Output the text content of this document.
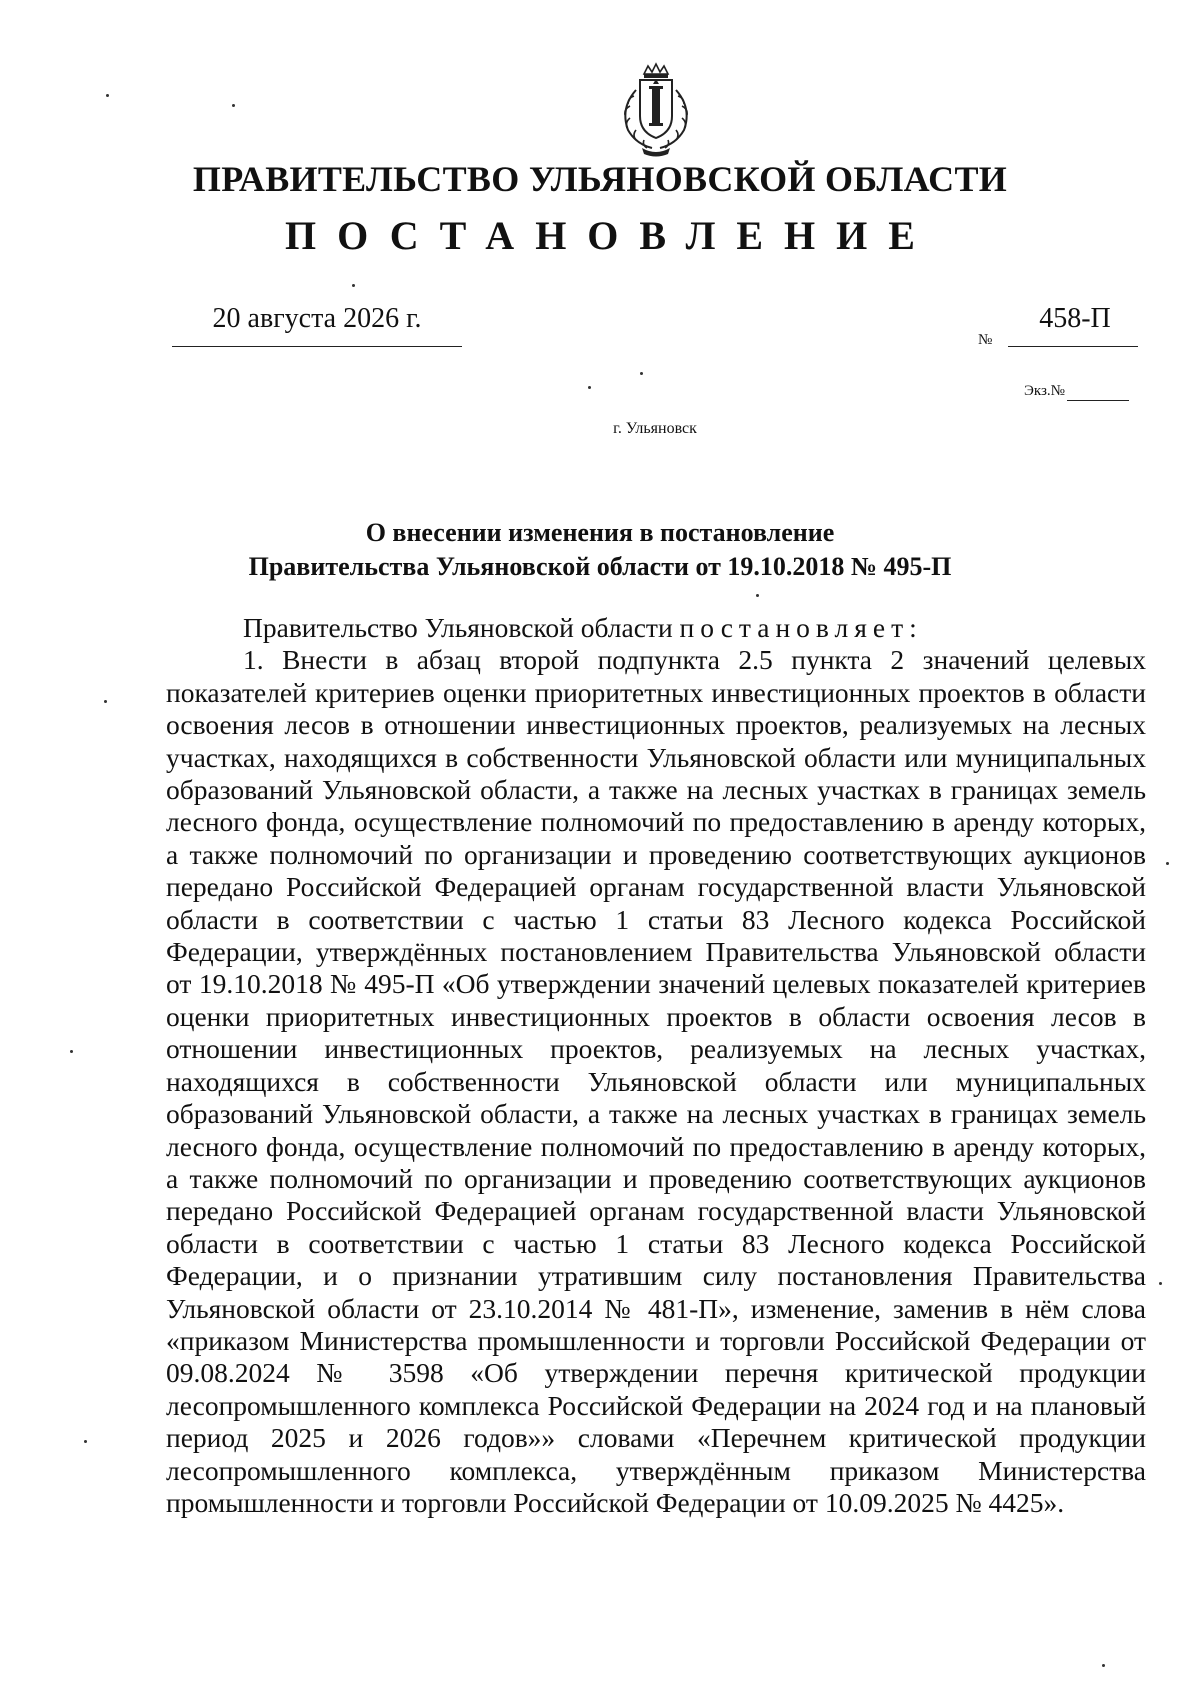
ПРАВИТЕЛЬСТВО УЛЬЯНОВСКОЙ ОБЛАСТИ
ПОСТАНОВЛЕНИЕ
20 августа 2026 г.
№
458-П
Экз.№
г. Ульяновск
О внесении изменения в постановление
Правительства Ульяновской области от 19.10.2018 № 495-П

Правительство Ульяновской области постановляет:

1. Внести в абзац второй подпункта 2.5 пункта 2 значений целевых показателей критериев оценки приоритетных инвестиционных проектов в области освоения лесов в отношении инвестиционных проектов, реализуемых на лесных участках, находящихся в собственности Ульяновской области или муниципальных образований Ульяновской области, а также на лесных участках в границах земель лесного фонда, осуществление полномочий по предоставлению в аренду которых, а также полномочий по организации и проведению соответствующих аукционов передано Российской Федерацией органам государственной власти Ульяновской области в соответствии с частью 1 статьи 83 Лесного кодекса Российской Федерации, утверждённых постановлением Правительства Ульяновской области от 19.10.2018 № 495-П «Об утверждении значений целевых показателей критериев оценки приоритетных инвестиционных проектов в области освоения лесов в отношении инвестиционных проектов, реализуемых на лесных участках, находящихся в собственности Ульяновской области или муниципальных образований Ульяновской области, а также на лесных участках в границах земель лесного фонда, осуществление полномочий по предоставлению в аренду которых, а также полномочий по организации и проведению соответствующих аукционов передано Российской Федерацией органам государственной власти Ульяновской области в соответствии с частью 1 статьи 83 Лесного кодекса Российской Федерации, и о признании утратившим силу постановления Правительства Ульяновской области от 23.10.2014 № 481-П», изменение, заменив в нём слова «приказом Министерства промышленности и торговли Российской Федерации от 09.08.2024 № 3598 «Об утверждении перечня критической продукции лесопромышленного комплекса Российской Федерации на 2024 год и на плановый период 2025 и 2026 годов»» словами «Перечнем критической продукции лесопромышленного комплекса, утверждённым приказом Министерства промышленности и торговли Российской Федерации от 10.09.2025 № 4425».
